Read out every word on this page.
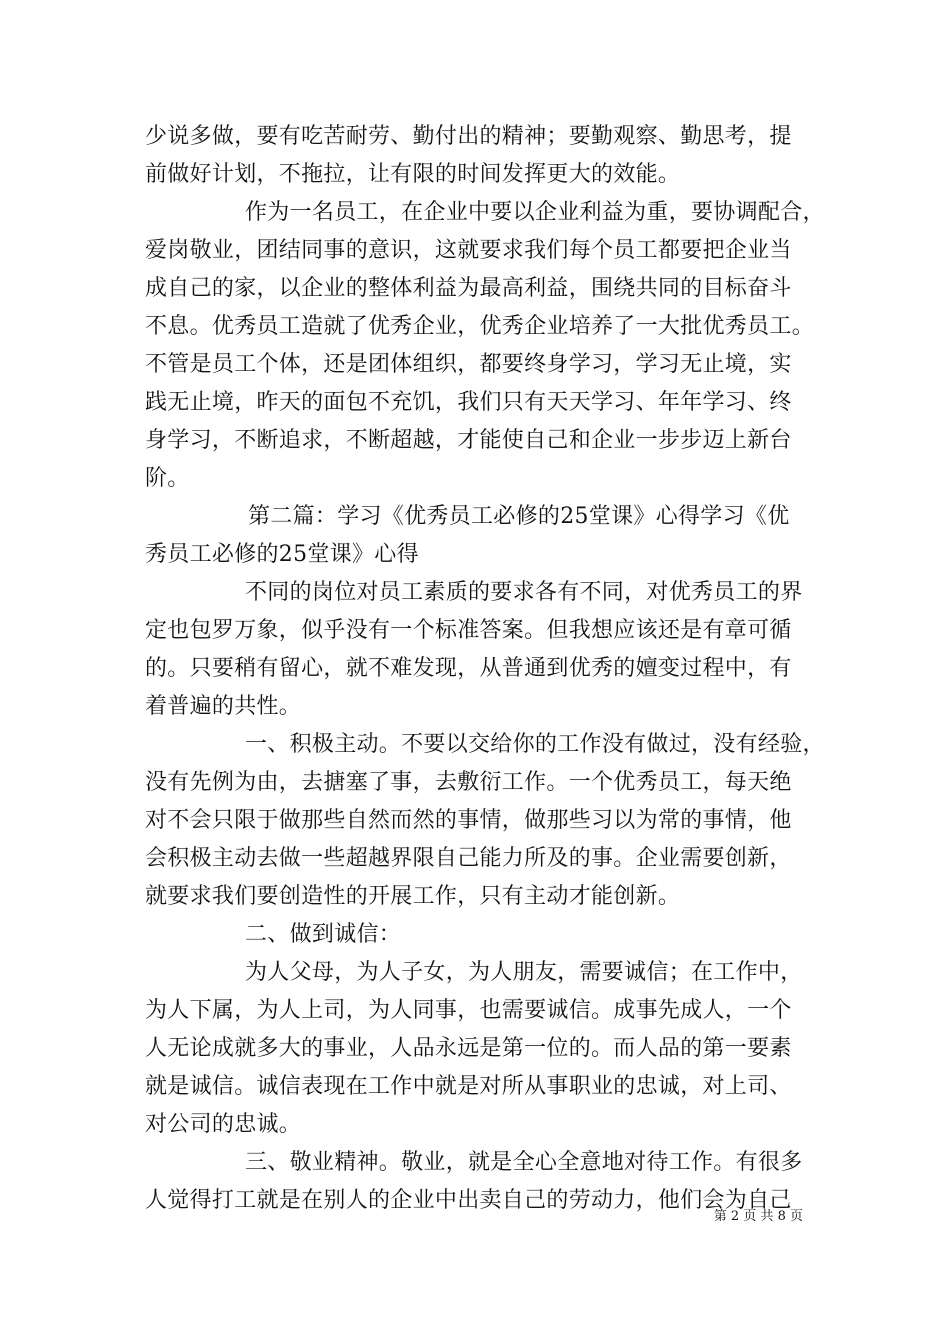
少说多做，要有吃苦耐劳、勤付出的精神；要勤观察、勤思考，提
前做好计划，不拖拉，让有限的时间发挥更大的效能。
作为一名员工，在企业中要以企业利益为重，要协调配合，
爱岗敬业，团结同事的意识，这就要求我们每个员工都要把企业当
成自己的家，以企业的整体利益为最高利益，围绕共同的目标奋斗
不息。优秀员工造就了优秀企业，优秀企业培养了一大批优秀员工。
不管是员工个体，还是团体组织，都要终身学习，学习无止境，实
践无止境，昨天的面包不充饥，我们只有天天学习、年年学习、终
身学习，不断追求，不断超越，才能使自己和企业一步步迈上新台
阶。
第二篇：学习《优秀员工必修的25堂课》心得学习《优
秀员工必修的25堂课》心得
不同的岗位对员工素质的要求各有不同，对优秀员工的界
定也包罗万象，似乎没有一个标准答案。但我想应该还是有章可循
的。只要稍有留心，就不难发现，从普通到优秀的嬗变过程中，有
着普遍的共性。
一、积极主动。不要以交给你的工作没有做过，没有经验，
没有先例为由，去搪塞了事，去敷衍工作。一个优秀员工，每天绝
对不会只限于做那些自然而然的事情，做那些习以为常的事情，他
会积极主动去做一些超越界限自己能力所及的事。企业需要创新，
就要求我们要创造性的开展工作，只有主动才能创新。
二、做到诚信：
为人父母，为人子女，为人朋友，需要诚信；在工作中，
为人下属，为人上司，为人同事，也需要诚信。成事先成人，一个
人无论成就多大的事业，人品永远是第一位的。而人品的第一要素
就是诚信。诚信表现在工作中就是对所从事职业的忠诚，对上司、
对公司的忠诚。
三、敬业精神。敬业，就是全心全意地对待工作。有很多
人觉得打工就是在别人的企业中出卖自己的劳动力，他们会为自己
第 2 页 共 8 页
